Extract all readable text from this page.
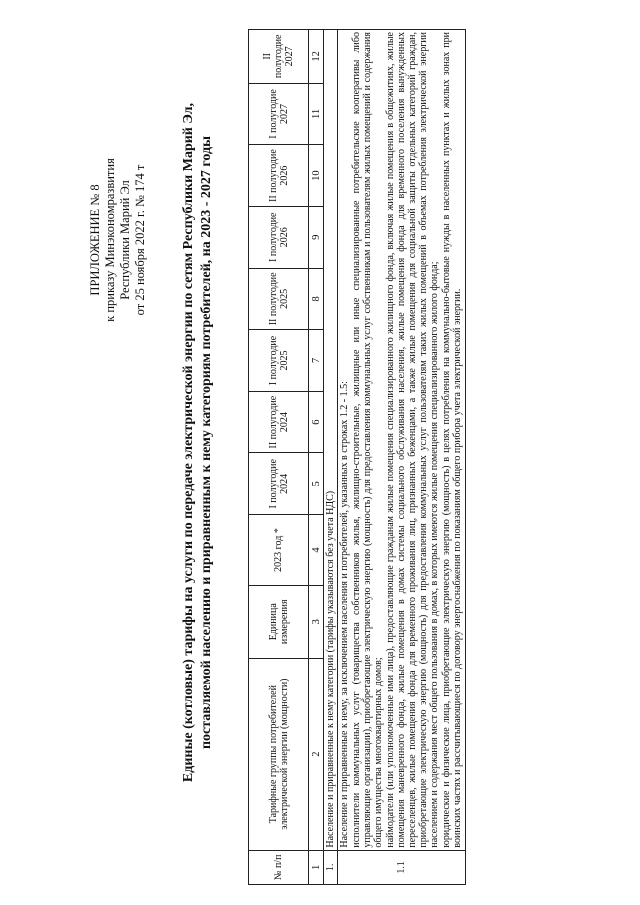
ПРИЛОЖЕНИЕ № 8 к приказу Минэкономразвития Республики Марий Эл от 25 ноября 2022 г. № 174 т Единые (котловые) тарифы на услуги по передаче электрической энергии по сетям Республики Марий Эл, поставляемой населению и приравненным к нему категориям потребителей, на 2023 - 2027 годы
№ п/п	Тарифные группы потребителей электрической энергии (мощности)	Единица измерения	2023 год *	I полугодие 2024	II полугодие 2024	I полугодие 2025	II полугодие 2025	I полугодие 2026	II полугодие 2026	I полугодие 2027	II полугодие 2027
1	2	3	4	5	6	7	8	9	10	11	12
1.	Население и приравненные к нему категории (тарифы указываются без учета НДС)										
1.1	Население и приравненные к нему, за исключением населения и потребителей, указанных в строках 1.2 - 1.5: исполнители коммунальных услуг (товарищества собственников жилья, жилищно-строительные, жилищные или иные специализированные потребительские кооперативы либо управляющие организации), приобретающие электрическую энергию (мощность) для предоставления коммунальных услуг собственникам и пользователям жилых помещений и содержания общего имущества многоквартирных домов; наймодатели (или уполномоченные ими лица), предоставляющие гражданам жилые помещения специализированного жилищного фонда, включая жилые помещения в общежитиях, жилые помещения маневренного фонда, жилые помещения в домах системы социального обслуживания населения, жилые помещения фонда для временного поселения вынужденных переселенцев, жилые помещения фонда для временного проживания лиц, признанных беженцами, а также жилые помещения для социальной защиты отдельных категорий граждан, приобретающие электрическую энергию (мощность) для предоставления коммунальных услуг пользователям таких жилых помещений в объемах потребления электрической энергии населением и содержания мест общего пользования в домах, в которых имеются жилые помещения специализированного жилого фонда; юридические и физические лица, приобретающие электрическую энергию (мощность) в целях потребления на коммунально-бытовые нужды в населенных пунктах и жилых зонах при воинских частях и рассчитывающиеся по договору энергоснабжения по показаниям общего прибора учета электрической энергии.										
